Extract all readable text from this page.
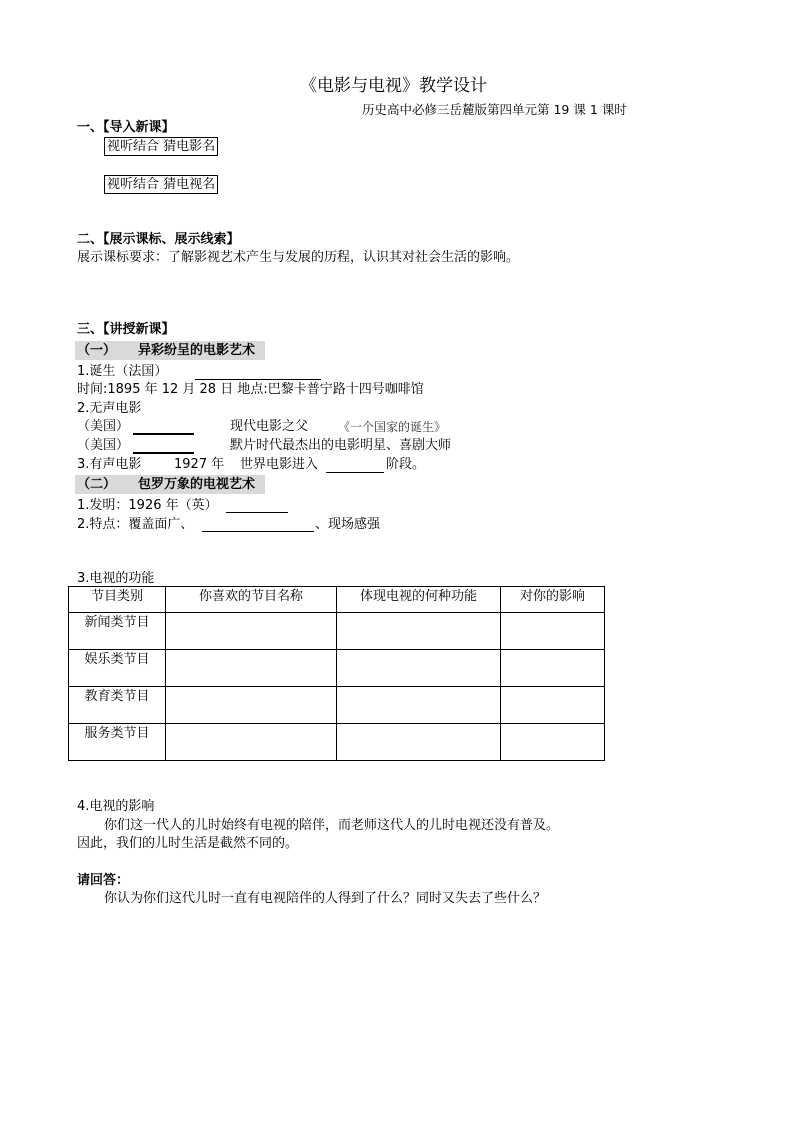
《电影与电视》教学设计
历史高中必修三岳麓版第四单元第 19 课 1 课时
一、【导入新课】
视听结合 猜电影名
视听结合 猜电视名
二、【展示课标、展示线索】
展示课标要求：了解影视艺术产生与发展的历程，认识其对社会生活的影响。
三、【讲授新课】
（一） 异彩纷呈的电影艺术
1.诞生（法国）
时间:1895 年 12 月 28 日 地点:巴黎卡普宁路十四号咖啡馆
2.无声电影
（美国）	现代电影之父 《一个国家的诞生》
（美国）	默片时代最杰出的电影明星、喜剧大师
3.有声电影	1927 年 世界电影进入	阶段。
（二） 包罗万象的电视艺术
1.发明：1926 年（英）
2.特点：覆盖面广、	、现场感强
3.电视的功能
节目类别	你喜欢的节目名称	体现电视的何种功能	对你的影响
新闻类节目			
娱乐类节目			
教育类节目			
服务类节目			
4.电视的影响
你们这一代人的儿时始终有电视的陪伴，而老师这代人的儿时电视还没有普及。
因此，我们的儿时生活是截然不同的。
请回答：
你认为你们这代儿时一直有电视陪伴的人得到了什么？同时又失去了些什么？
